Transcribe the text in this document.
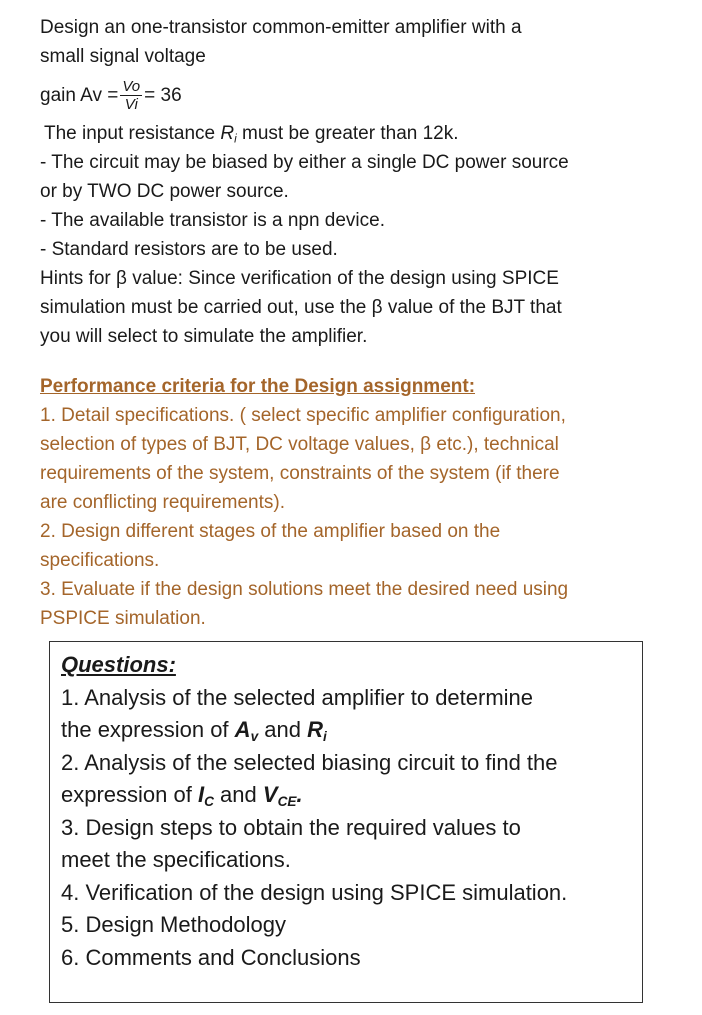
Design an one-transistor common-emitter amplifier with a
small signal voltage
gain $Av = \frac{Vo}{Vi} = 36$
The input resistance $R_i$ must be greater than 12k.
- The circuit may be biased by either a single DC power source
or by TWO DC power source.
- The available transistor is a npn device.
- Standard resistors are to be used.
Hints for β value: Since verification of the design using SPICE
simulation must be carried out, use the β value of the BJT that
you will select to simulate the amplifier.
Performance criteria for the Design assignment:
1. Detail specifications. ( select specific amplifier configuration,
selection of types of BJT, DC voltage values, β etc.), technical
requirements of the system, constraints of the system (if there
are conflicting requirements).
2. Design different stages of the amplifier based on the
specifications.
3. Evaluate if the design solutions meet the desired need using
PSPICE simulation.
Questions:
1. Analysis of the selected amplifier to determine
the expression of $A_v$ and $R_i$
2. Analysis of the selected biasing circuit to find the
expression of $I_C$ and $V_{CE}$.
3. Design steps to obtain the required values to
meet the specifications.
4. Verification of the design using SPICE simulation.
5. Design Methodology
6. Comments and Conclusions
